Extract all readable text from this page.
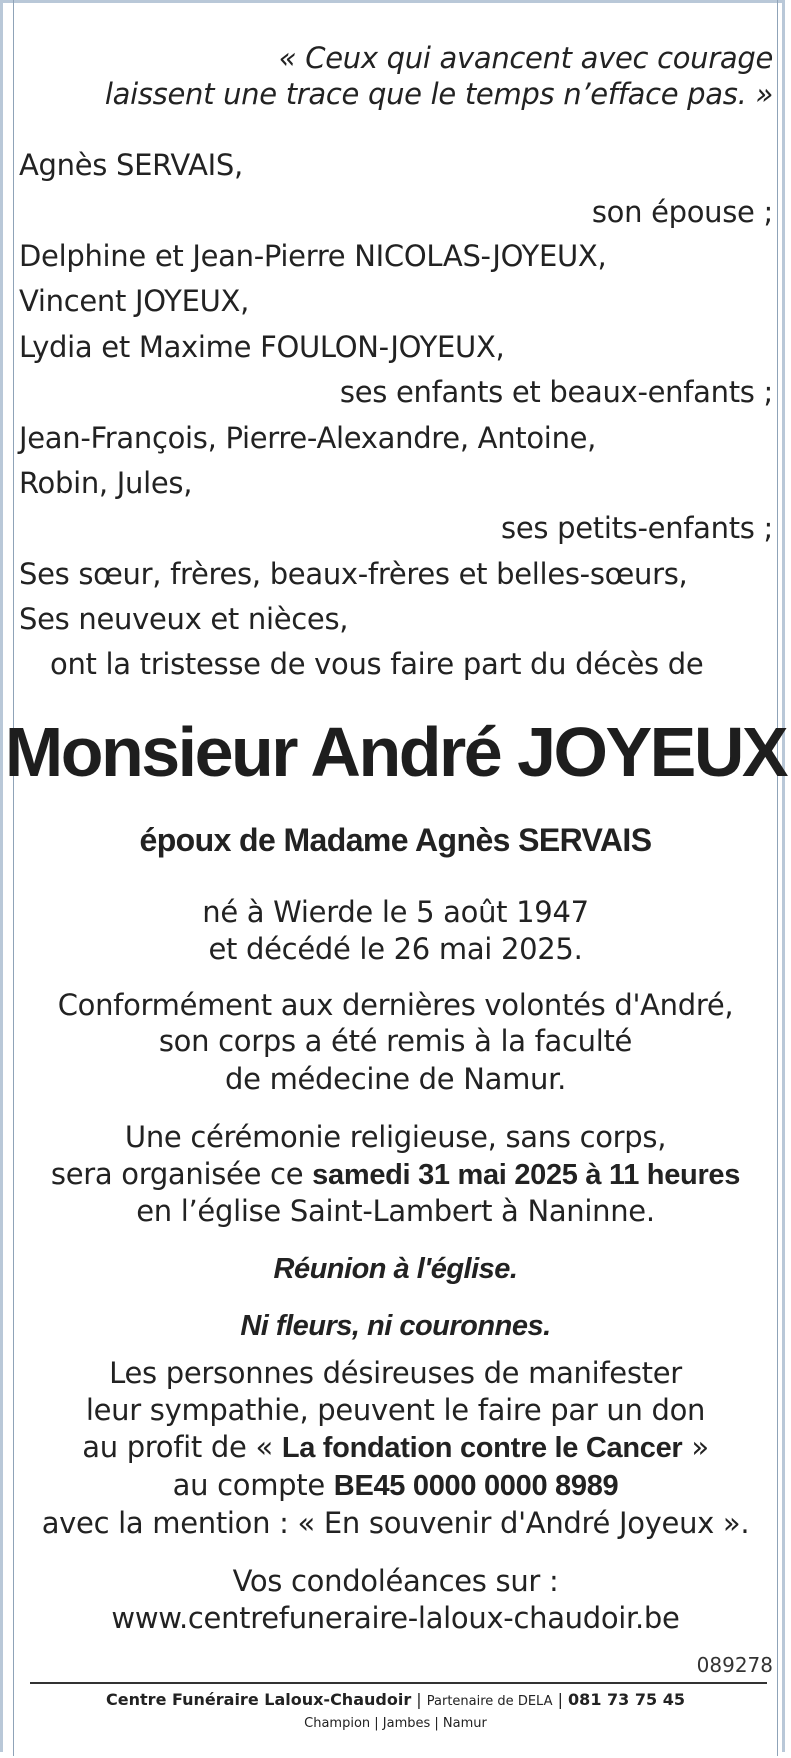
« Ceux qui avancent avec courage
laissent une trace que le temps n’efface pas. »
Agnès SERVAIS,
son épouse ;
Delphine et Jean-Pierre NICOLAS-JOYEUX,
Vincent JOYEUX,
Lydia et Maxime FOULON-JOYEUX,
ses enfants et beaux-enfants ;
Jean-François, Pierre-Alexandre, Antoine,
Robin, Jules,
ses petits-enfants ;
Ses sœur, frères, beaux-frères et belles-sœurs,
Ses neuveux et nièces,
ont la tristesse de vous faire part du décès de
Monsieur André JOYEUX
époux de Madame Agnès SERVAIS
né à Wierde le 5 août 1947
et décédé le 26 mai 2025.
Conformément aux dernières volontés d'André,
son corps a été remis à la faculté
de médecine de Namur.
Une cérémonie religieuse, sans corps,
sera organisée ce samedi 31 mai 2025 à 11 heures
en l’église Saint-Lambert à Naninne.
Réunion à l'église.
Ni fleurs, ni couronnes.
Les personnes désireuses de manifester
leur sympathie, peuvent le faire par un don
au profit de « La fondation contre le Cancer »
au compte BE45 0000 0000 8989
avec la mention : « En souvenir d'André Joyeux ».
Vos condoléances sur :
www.centrefuneraire-laloux-chaudoir.be
089278
Centre Funéraire Laloux-Chaudoir | Partenaire de DELA | 081 73 75 45
Champion | Jambes | Namur
